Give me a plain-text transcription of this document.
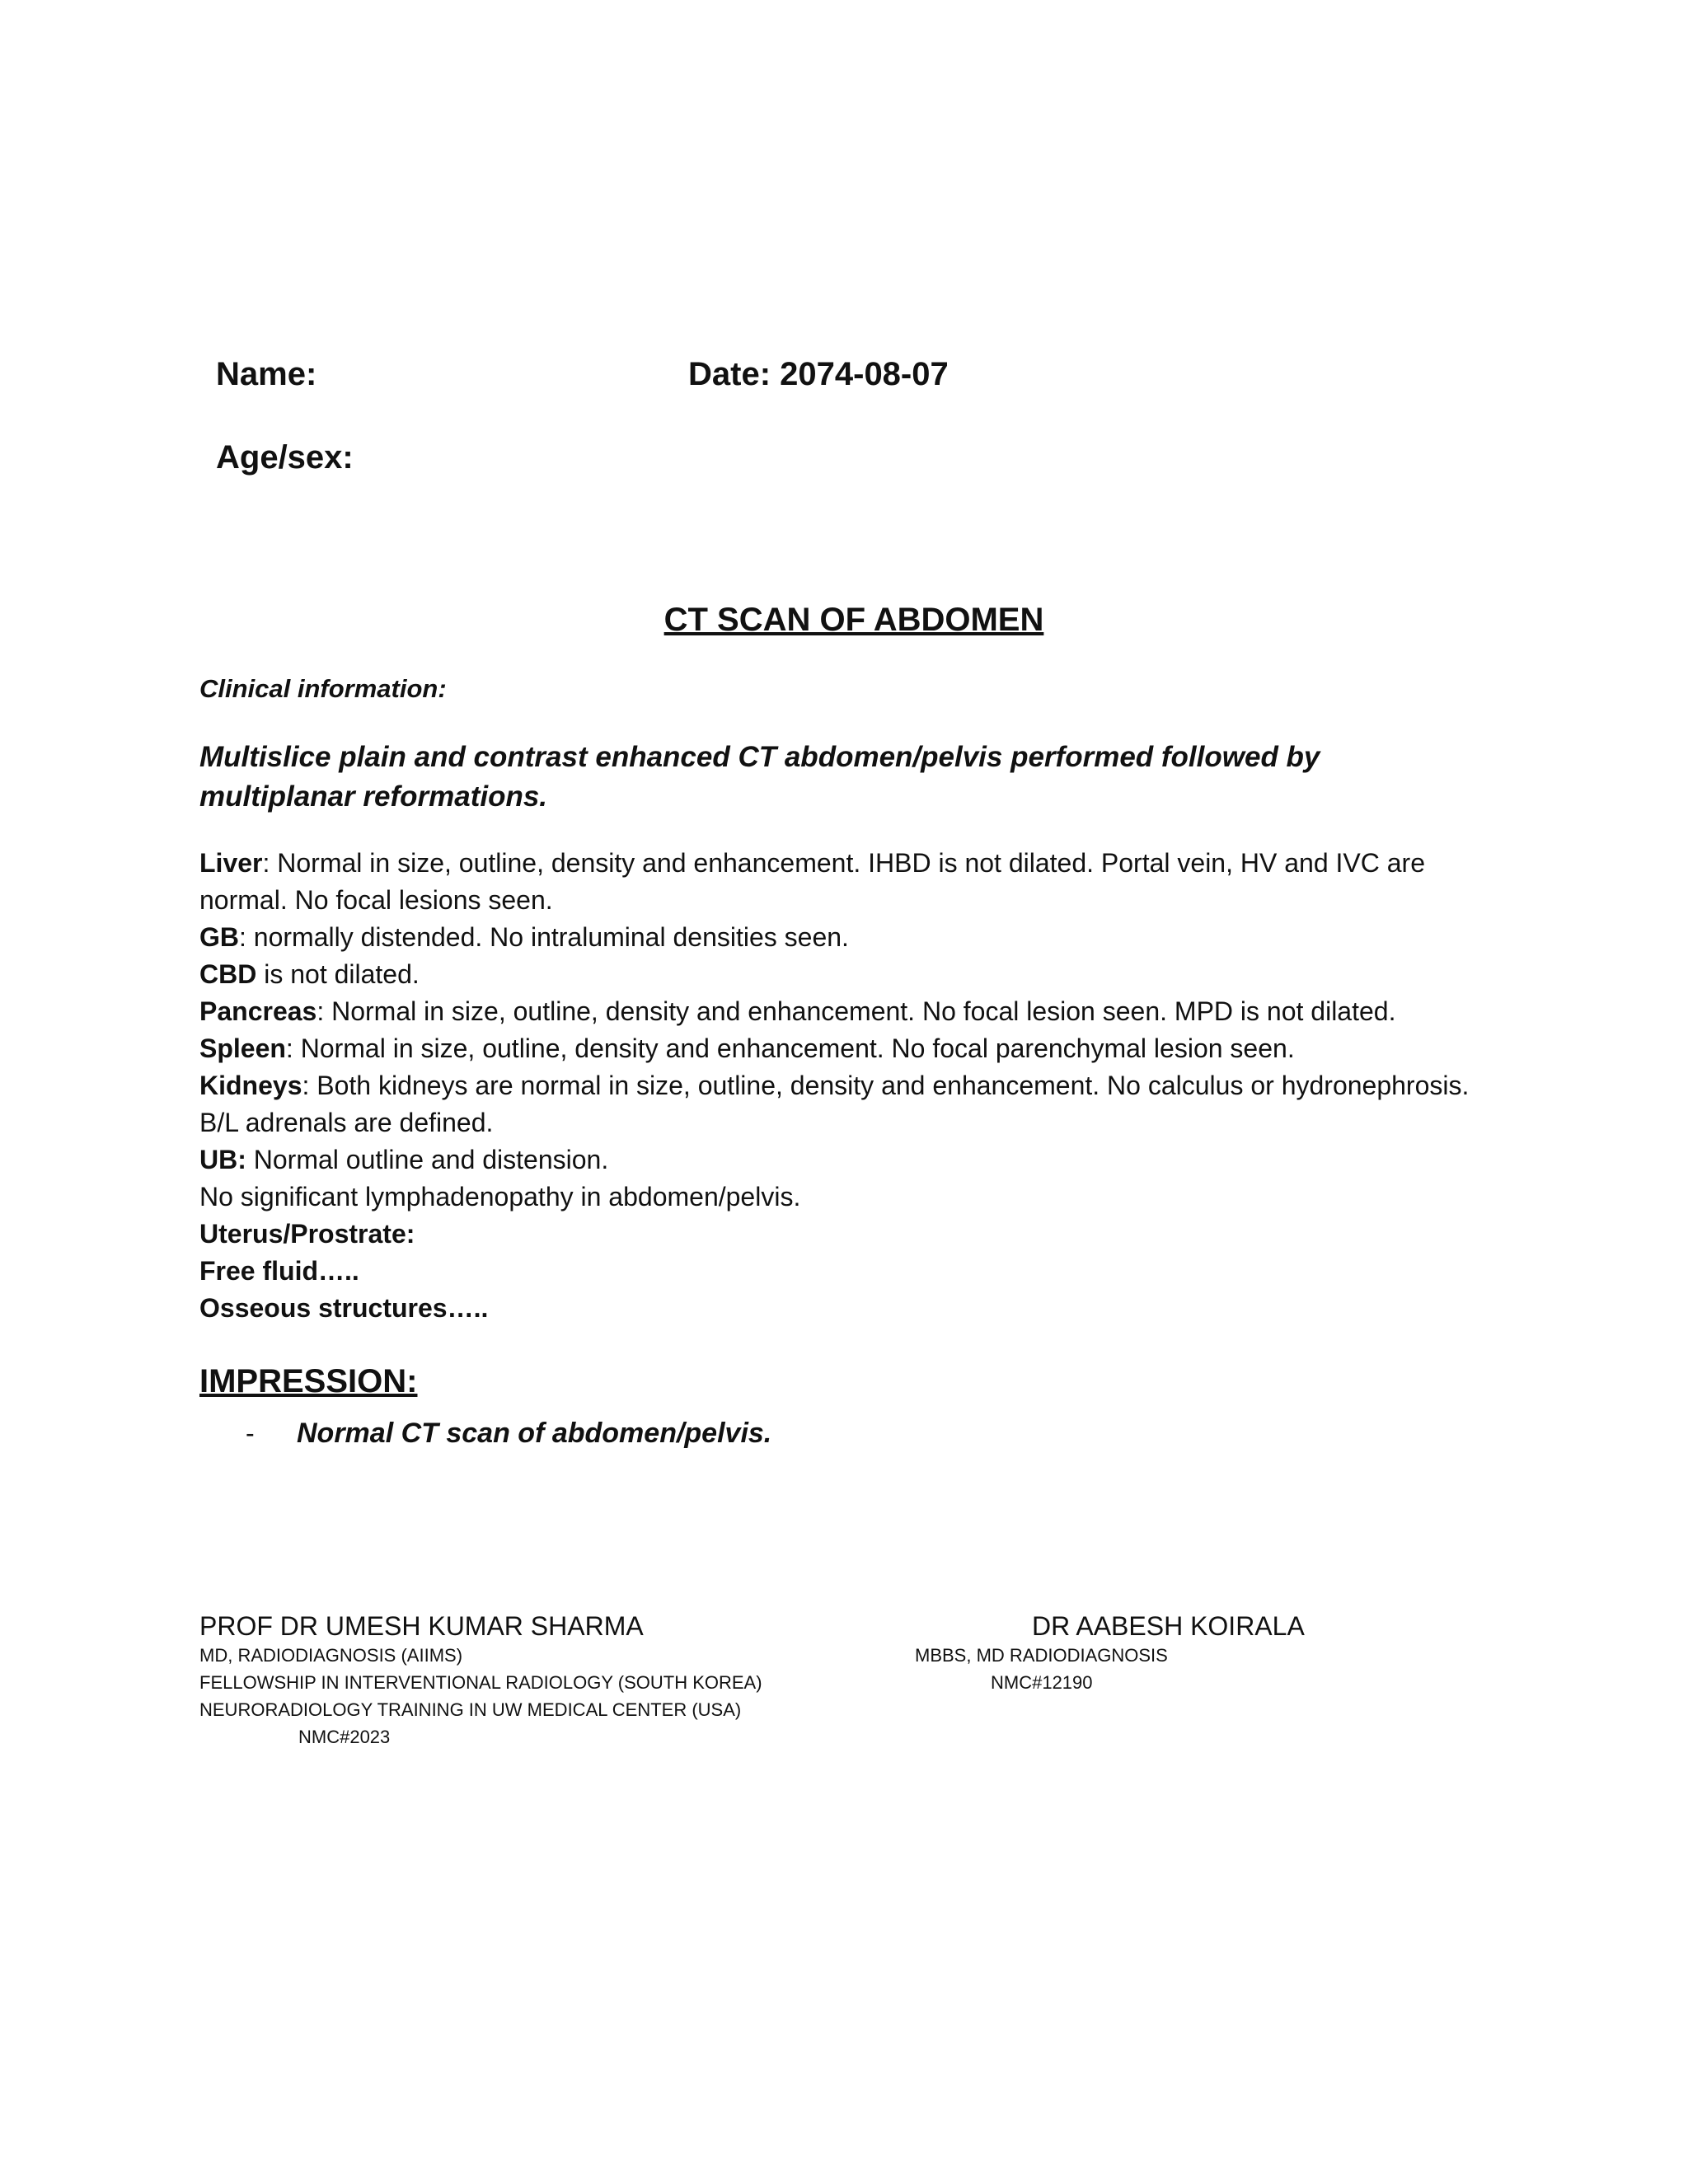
Name:	Date: 2074-08-07
Age/sex:
CT SCAN OF ABDOMEN
Clinical information:
Multislice plain and contrast enhanced CT abdomen/pelvis performed followed by multiplanar reformations.

Liver: Normal in size, outline, density and enhancement. IHBD is not dilated. Portal vein, HV and IVC are normal. No focal lesions seen.

GB: normally distended. No intraluminal densities seen.

CBD is not dilated.

Pancreas: Normal in size, outline, density and enhancement. No focal lesion seen. MPD is not dilated.

Spleen: Normal in size, outline, density and enhancement. No focal parenchymal lesion seen.

Kidneys: Both kidneys are normal in size, outline, density and enhancement. No calculus or hydronephrosis.

B/L adrenals are defined.

UB: Normal outline and distension.

No significant lymphadenopathy in abdomen/pelvis.

Uterus/Prostrate:

Free fluid…..

Osseous structures…..

IMPRESSION:
- Normal CT scan of abdomen/pelvis.
PROF DR UMESH KUMAR SHARMA
MD, RADIODIAGNOSIS (AIIMS)
FELLOWSHIP IN INTERVENTIONAL RADIOLOGY (SOUTH KOREA)
NEURORADIOLOGY TRAINING IN UW MEDICAL CENTER (USA)
NMC#2023
DR AABESH KOIRALA
MBBS, MD RADIODIAGNOSIS
NMC#12190
